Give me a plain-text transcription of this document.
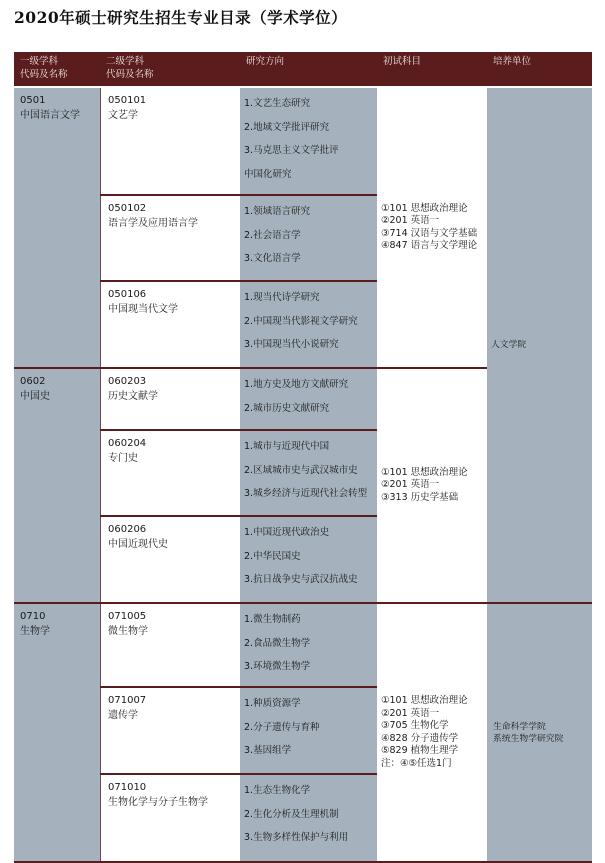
2020年硕士研究生招生专业目录（学术学位）
一级学科
代码及名称
二级学科
代码及名称
研究方向	初试科目	培养单位
0501
中国语言文学
050101
文艺学
1.文艺生态研究
2.地域文学批评研究
3.马克思主义文学批评
中国化研究
050102
语言学及应用语言学
1.领域语言研究
2.社会语言学
3.文化语言学
050106
中国现当代文学
1.现当代诗学研究
2.中国现当代影视文学研究
3.中国现当代小说研究
①101 思想政治理论
②201 英语一
③714 汉语与文学基础
④847 语言与文学理论
0602
中国史
060203
历史文献学
1.地方史及地方文献研究
2.城市历史文献研究
060204
专门史
1.城市与近现代中国
2.区域城市史与武汉城市史
3.城乡经济与近现代社会转型
060206
中国近现代史
1.中国近现代政治史
2.中华民国史
3.抗日战争史与武汉抗战史
①101 思想政治理论
②201 英语一
③313 历史学基础
0710
生物学
071005
微生物学
1.微生物制药
2.食品微生物学
3.环境微生物学
071007
遗传学
1.种质资源学
2.分子遗传与育种
3.基因组学
071010
生物化学与分子生物学
1.生态生物化学
2.生化分析及生理机制
3.生物多样性保护与利用
①101 思想政治理论
②201 英语一
③705 生物化学
④828 分子遗传学
⑤829 植物生理学
注：④⑤任选1门
人文学院
生命科学学院
系统生物学研究院
